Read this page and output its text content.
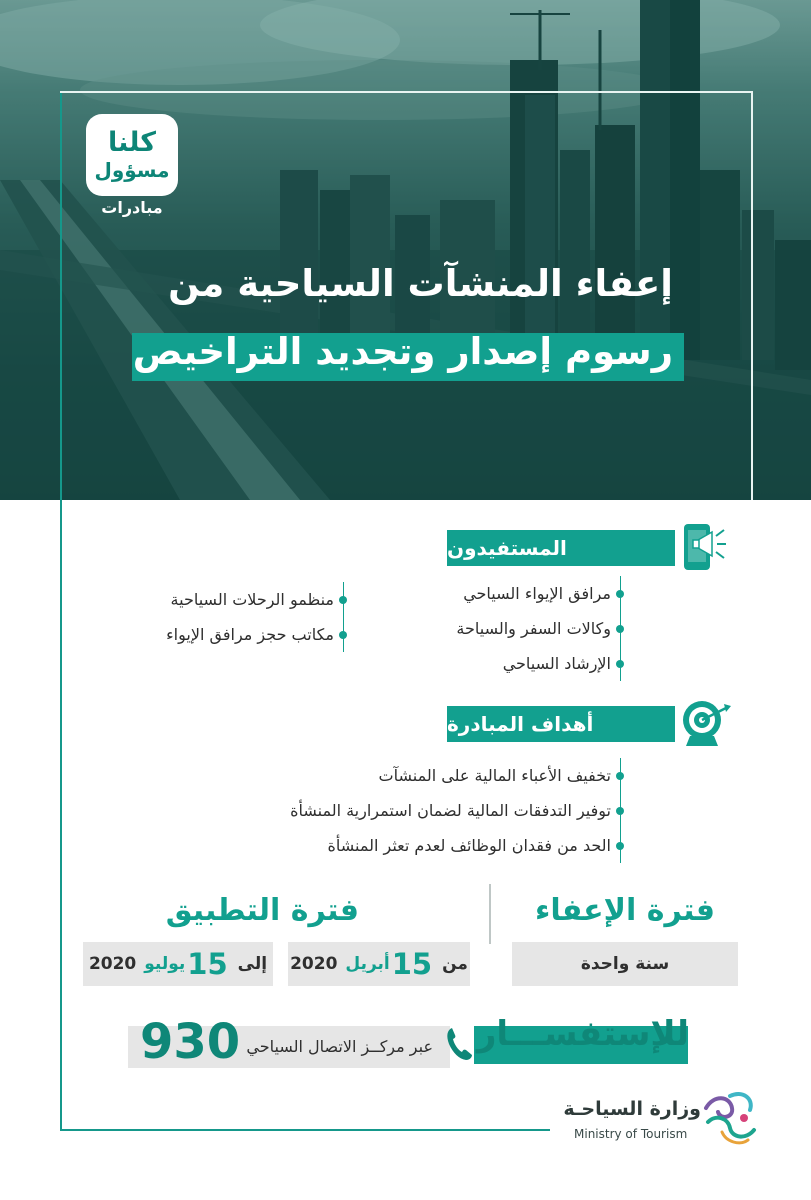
كلنا
مسؤول
مبادرات
إعفاء المنشآت السياحية من
رسوم إصدار وتجديد التراخيص
المستفيدون
مرافق الإيواء السياحي
وكالات السفر والسياحة
الإرشاد السياحي
منظمو الرحلات السياحية
مكاتب حجز مرافق الإيواء
أهداف المبادرة
تخفيف الأعباء المالية على المنشآت
توفير التدفقات المالية لضمان استمرارية المنشأة
الحد من فقدان الوظائف لعدم تعثر المنشأة
فترة الإعفاء
فترة التطبيق
سنة واحدة
من
15
أبريل
2020
إلى
15
يوليو
2020
للإستفســـار
عبر مركــز الاتصال السياحي
930
وزارة السياحـة
Ministry of Tourism
